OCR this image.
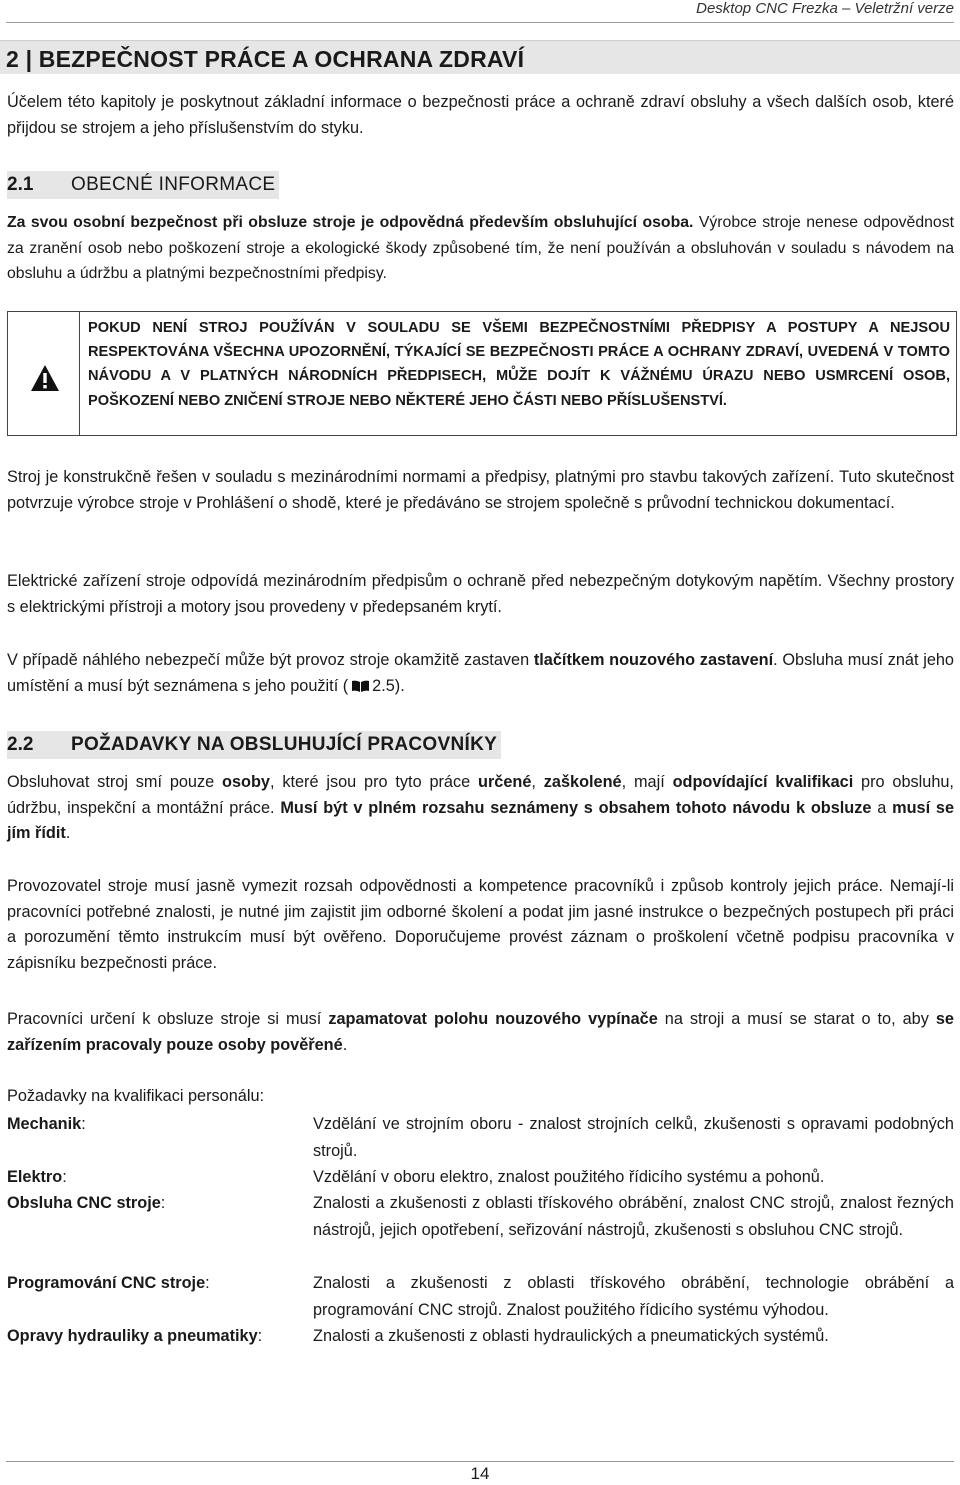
Desktop CNC Frezka – Veletržní verze
2 | BEZPEČNOST PRÁCE A OCHRANA ZDRAVÍ

Účelem této kapitoly je poskytnout základní informace o bezpečnosti práce a ochraně zdraví obsluhy a všech dalších osob, které přijdou se strojem a jeho příslušenstvím do styku.

2.1 OBECNÉ INFORMACE

Za svou osobní bezpečnost při obsluze stroje je odpovědná především obsluhující osoba. Výrobce stroje nenese odpovědnost za zranění osob nebo poškození stroje a ekologické škody způsobené tím, že není používán a obsluhován v souladu s návodem na obsluhu a údržbu a platnými bezpečnostními předpisy.

POKUD NENÍ STROJ POUŽÍVÁN V SOULADU SE VŠEMI BEZPEČNOSTNÍMI PŘEDPISY A POSTUPY A NEJSOU RESPEKTOVÁNA VŠECHNA UPOZORNĚNÍ, TÝKAJÍCÍ SE BEZPEČNOSTI PRÁCE A OCHRANY ZDRAVÍ, UVEDENÁ V TOMTO NÁVODU A V PLATNÝCH NÁRODNÍCH PŘEDPISECH, MŮŽE DOJÍT K VÁŽNÉMU ÚRAZU NEBO USMRCENÍ OSOB, POŠKOZENÍ NEBO ZNIČENÍ STROJE NEBO NĚKTERÉ JEHO ČÁSTI NEBO PŘÍSLUŠENSTVÍ.

Stroj je konstrukčně řešen v souladu s mezinárodními normami a předpisy, platnými pro stavbu takových zařízení. Tuto skutečnost potvrzuje výrobce stroje v Prohlášení o shodě, které je předáváno se strojem společně s průvodní technickou dokumentací.

Elektrické zařízení stroje odpovídá mezinárodním předpisům o ochraně před nebezpečným dotykovým napětím. Všechny prostory s elektrickými přístroji a motory jsou provedeny v předepsaném krytí.

V případě náhlého nebezpečí může být provoz stroje okamžitě zastaven tlačítkem nouzového zastavení. Obsluha musí znát jeho umístění a musí být seznámena s jeho použití ( 2.5).

2.2 POŽADAVKY NA OBSLUHUJÍCÍ PRACOVNÍKY

Obsluhovat stroj smí pouze osoby, které jsou pro tyto práce určené, zaškolené, mají odpovídající kvalifikaci pro obsluhu, údržbu, inspekční a montážní práce. Musí být v plném rozsahu seznámeny s obsahem tohoto návodu k obsluze a musí se jím řídit.

Provozovatel stroje musí jasně vymezit rozsah odpovědnosti a kompetence pracovníků i způsob kontroly jejich práce. Nemají-li pracovníci potřebné znalosti, je nutné jim zajistit jim odborné školení a podat jim jasné instrukce o bezpečných postupech při práci a porozumění těmto instrukcím musí být ověřeno. Doporučujeme provést záznam o proškolení včetně podpisu pracovníka v zápisníku bezpečnosti práce.

Pracovníci určení k obsluze stroje si musí zapamatovat polohu nouzového vypínače na stroji a musí se starat o to, aby se zařízením pracovaly pouze osoby pověřené.

Požadavky na kvalifikaci personálu:
Mechanik:	Vzdělání ve strojním oboru - znalost strojních celků, zkušenosti s opravami podobných strojů.
Elektro:	Vzdělání v oboru elektro, znalost použitého řídicího systému a pohonů.
Obsluha CNC stroje:	Znalosti a zkušenosti z oblasti třískového obrábění, znalost CNC strojů, znalost řezných nástrojů, jejich opotřebení, seřizování nástrojů, zkušenosti s obsluhou CNC strojů.
Programování CNC stroje:	Znalosti a zkušenosti z oblasti třískového obrábění, technologie obrábění a programování CNC strojů. Znalost použitého řídicího systému výhodou.
Opravy hydrauliky a pneumatiky:	Znalosti a zkušenosti z oblasti hydraulických a pneumatických systémů.
14
